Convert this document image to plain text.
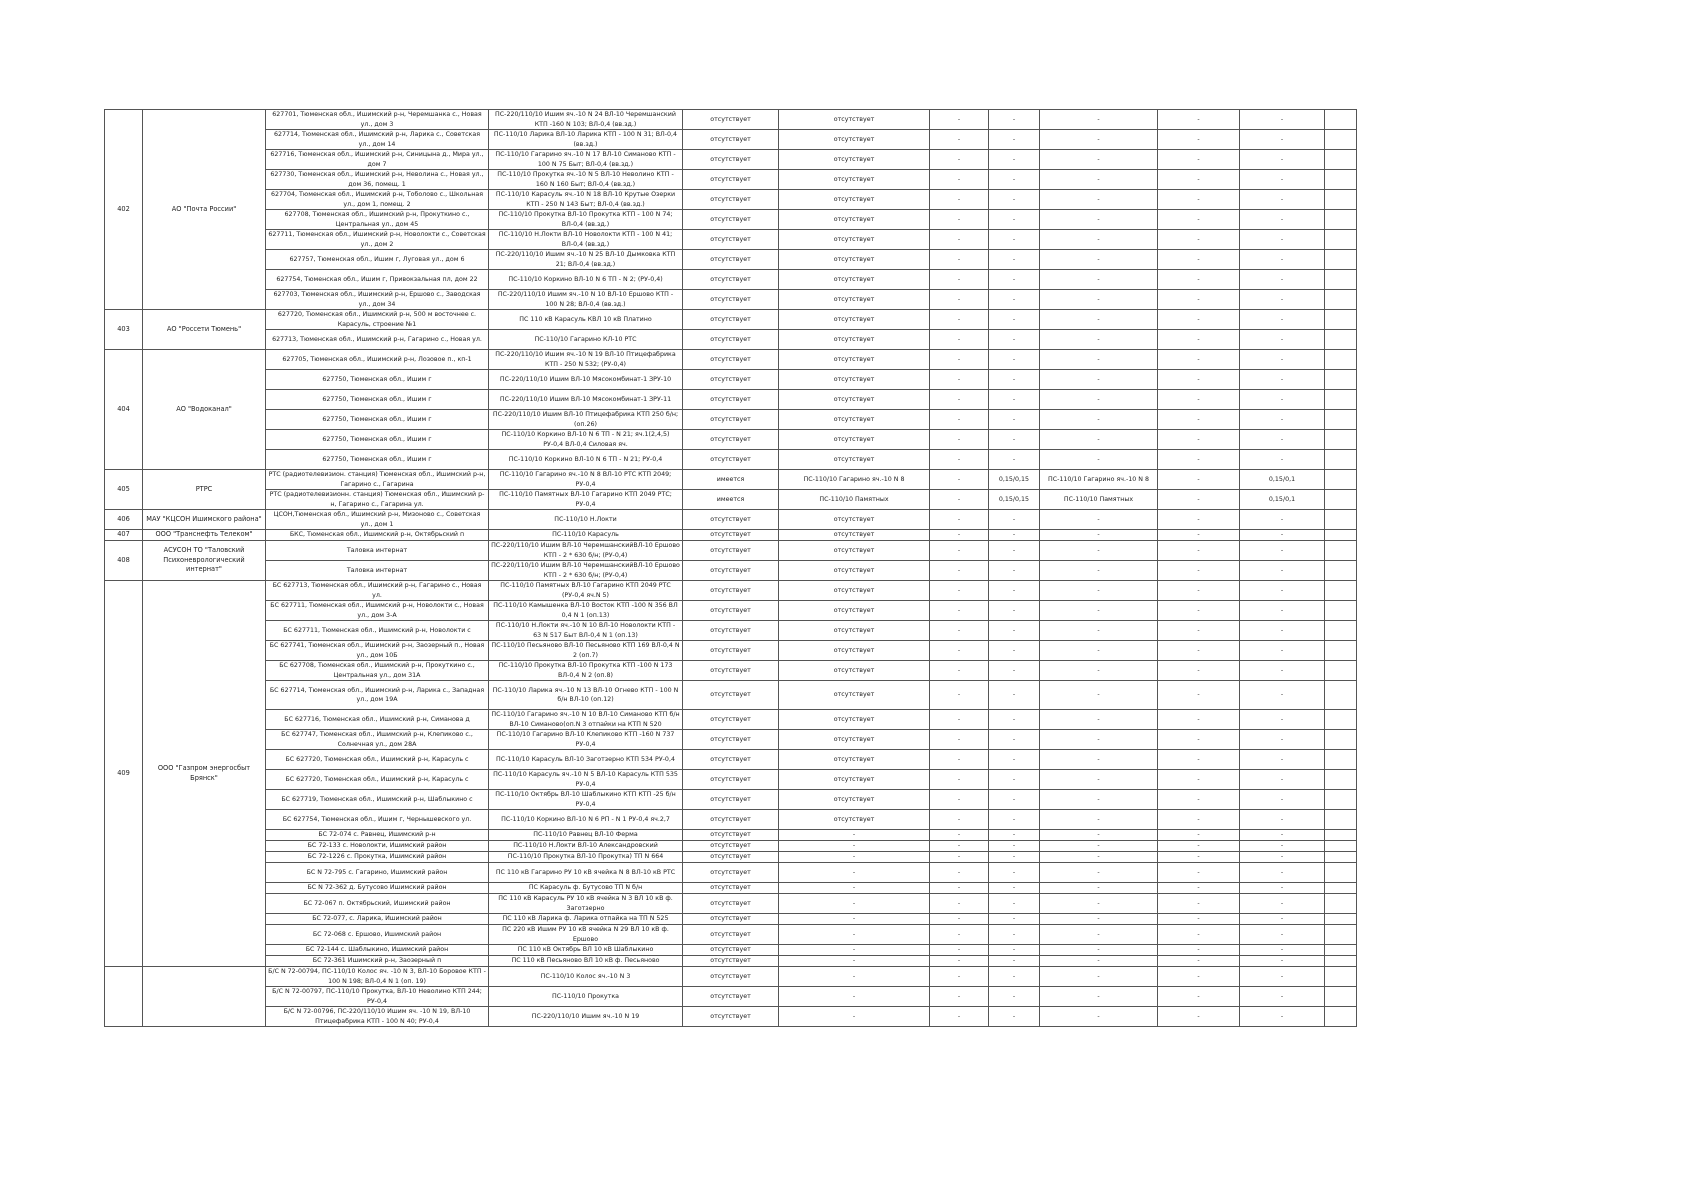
402	АО "Почта России"	627701, Тюменская обл., Ишимский р-н, Черемшанка с., Новая ул., дом 3	ПС-220/110/10 Ишим яч.-10 N 24 ВЛ-10 Черемшанский КТП -160 N 103; ВЛ-0,4 (вв.зд.)	отсутствует	отсутствует	-	-	-	-	-	
		627714, Тюменская обл., Ишимский р-н, Ларика с., Советская ул., дом 14	ПС-110/10 Ларика ВЛ-10 Ларика КТП - 100 N 31; ВЛ-0,4 (вв.зд.)	отсутствует	отсутствует	-	-	-	-	-	
		627716, Тюменская обл., Ишимский р-н, Синицына д., Мира ул., дом 7	ПС-110/10 Гагарино яч.-10 N 17 ВЛ-10 Симаново КТП - 100 N 75 Быт; ВЛ-0,4 (вв.зд.)	отсутствует	отсутствует	-	-	-	-	-	
		627730, Тюменская обл., Ишимский р-н, Неволина с., Новая ул., дом 36, помещ. 1	ПС-110/10 Прокутка яч.-10 N 5 ВЛ-10 Неволино КТП - 160 N 160 Быт; ВЛ-0,4 (вв.зд.)	отсутствует	отсутствует	-	-	-	-	-	
		627704, Тюменская обл., Ишимский р-н, Тоболово с., Школьная ул., дом 1, помещ. 2	ПС-110/10 Карасуль яч.-10 N 18 ВЛ-10 Крутые Озерки КТП - 250 N 143 Быт; ВЛ-0,4 (вв.зд.)	отсутствует	отсутствует	-	-	-	-	-	
		627708, Тюменская обл., Ишимский р-н, Прокуткино с., Центральная ул., дом 45	ПС-110/10 Прокутка ВЛ-10 Прокутка КТП - 100 N 74; ВЛ-0,4 (вв.зд.)	отсутствует	отсутствует	-	-	-	-	-	
		627711, Тюменская обл., Ишимский р-н, Новолокти с., Советская ул., дом 2	ПС-110/10 Н.Локти ВЛ-10 Новолокти КТП - 100 N 41; ВЛ-0,4 (вв.зд.)	отсутствует	отсутствует	-	-	-	-	-	
		627757, Тюменская обл., Ишим г, Луговая ул., дом 6	ПС-220/110/10 Ишим яч.-10 N 25 ВЛ-10 Дымковка КТП 21; ВЛ-0,4 (вв.зд.)	отсутствует	отсутствует	-	-	-	-	-	
		627754, Тюменская обл., Ишим г, Привокзальная пл, дом 22	ПС-110/10 Коркино ВЛ-10 N 6 ТП - N 2; (РУ-0,4)	отсутствует	отсутствует	-	-	-	-	-	
		627703, Тюменская обл., Ишимский р-н, Ершово с., Заводская ул., дом 34	ПС-220/110/10 Ишим яч.-10 N 10 ВЛ-10 Ершово КТП - 100 N 28; ВЛ-0,4 (вв.зд.)	отсутствует	отсутствует	-	-	-	-	-	
403	АО "Россети Тюмень"	627720, Тюменская обл., Ишимский р-н, 500 м восточнее с. Карасуль, строение №1	ПС 110 кВ Карасуль КВЛ 10 кВ Платино	отсутствует	отсутствует	-	-	-	-	-	
		627713, Тюменская обл., Ишимский р-н, Гагарино с., Новая ул.	ПС-110/10 Гагарино КЛ-10 РТС	отсутствует	отсутствует	-	-	-	-	-	
404	АО "Водоканал"	627705, Тюменская обл., Ишимский р-н, Лозовое п., кп-1	ПС-220/110/10 Ишим яч.-10 N 19 ВЛ-10 Птицефабрика КТП - 250 N 532; (РУ-0,4)	отсутствует	отсутствует	-	-	-	-	-	
		627750, Тюменская обл., Ишим г	ПС-220/110/10 Ишим ВЛ-10 Мясокомбинат-1 ЗРУ-10	отсутствует	отсутствует	-	-	-	-	-	
		627750, Тюменская обл., Ишим г	ПС-220/110/10 Ишим ВЛ-10 Мясокомбинат-1 ЗРУ-11	отсутствует	отсутствует	-	-	-	-	-	
		627750, Тюменская обл., Ишим г	ПС-220/110/10 Ишим ВЛ-10 Птицефабрика КТП 250 б/н; (оп.26)	отсутствует	отсутствует	-	-	-	-	-	
		627750, Тюменская обл., Ишим г	ПС-110/10 Коркино ВЛ-10 N 6 ТП - N 21; яч.1(2,4,5) РУ-0,4 ВЛ-0,4 Силовая яч.	отсутствует	отсутствует	-	-	-	-	-	
		627750, Тюменская обл., Ишим г	ПС-110/10 Коркино ВЛ-10 N 6 ТП - N 21; РУ-0,4	отсутствует	отсутствует	-	-	-	-	-	
405	РТРС	РТС (радиотелевизион. станция) Тюменская обл., Ишимский р-н, Гагарино с., Гагарина	ПС-110/10 Гагарино яч.-10 N 8 ВЛ-10 РТС КТП 2049; РУ-0,4	имеется	ПС-110/10 Гагарино яч.-10 N 8	-	0,15/0,15	ПС-110/10 Гагарино яч.-10 N 8	-	0,15/0,1	
		РТС (радиотелевизионн. станция) Тюменская обл., Ишимский р-н, Гагарино с., Гагарина ул.	ПС-110/10 Памятных ВЛ-10 Гагарино КТП 2049 РТС; РУ-0,4	имеется	ПС-110/10 Памятных	-	0,15/0,15	ПС-110/10 Памятных	-	0,15/0,1	
406	МАУ "КЦСОН Ишимского района"	ЦСОН,Тюменская обл., Ишимский р-н, Мизоново с., Советская ул., дом 1	ПС-110/10 Н.Локти	отсутствует	отсутствует	-	-	-	-	-	
407	ООО "Транснефть Телеком"	БКС, Тюменская обл., Ишимский р-н, Октябрьский п	ПС-110/10 Карасуль	отсутствует	отсутствует	-	-	-	-	-	
408	АСУСОН ТО "Таловский Психоневрологический интернат"	Таловка интернат	ПС-220/110/10 Ишим ВЛ-10 ЧеремшанскийВЛ-10 Ершово КТП - 2 * 630 б/н; (РУ-0,4)	отсутствует	отсутствует	-	-	-	-	-	
		Таловка интернат	ПС-220/110/10 Ишим ВЛ-10 ЧеремшанскийВЛ-10 Ершово КТП - 2 * 630 б/н; (РУ-0,4)	отсутствует	отсутствует	-	-	-	-	-	
409	ООО "Газпром энергосбыт Брянск"	БС 627713, Тюменская обл., Ишимский р-н, Гагарино с., Новая ул.	ПС-110/10 Памятных ВЛ-10 Гагарино КТП 2049 РТС (РУ-0,4 яч.N 5)	отсутствует	отсутствует	-	-	-	-	-	
		БС 627711, Тюменская обл., Ишимский р-н, Новолокти с., Новая ул., дом 3-А	ПС-110/10 Камышенка ВЛ-10 Восток КТП -100 N 356 ВЛ 0,4 N 1 (оп.13)	отсутствует	отсутствует	-	-	-	-	-	
		БС 627711, Тюменская обл., Ишимский р-н, Новолокти с	ПС-110/10 Н.Локти яч.-10 N 10 ВЛ-10 Новолокти КТП - 63 N 517 Быт ВЛ-0,4 N 1 (оп.13)	отсутствует	отсутствует	-	-	-	-	-	
		БС 627741, Тюменская обл., Ишимский р-н, Заозерный п., Новая ул., дом 10Б	ПС-110/10 Песьяново ВЛ-10 Песьяново КТП 169 ВЛ-0,4 N 2 (оп.7)	отсутствует	отсутствует	-	-	-	-	-	
		БС 627708, Тюменская обл., Ишимский р-н, Прокуткино с., Центральная ул., дом 31А	ПС-110/10 Прокутка ВЛ-10 Прокутка КТП -100 N 173 ВЛ-0,4 N 2 (оп.8)	отсутствует	отсутствует	-	-	-	-	-	
		БС 627714, Тюменская обл., Ишимский р-н, Ларика с., Западная ул., дом 19А	ПС-110/10 Ларика яч.-10 N 13 ВЛ-10 Огнево КТП - 100 N б/н ВЛ-10 (оп.12)	отсутствует	отсутствует	-	-	-	-	-	
		БС 627716, Тюменская обл., Ишимский р-н, Симанова д	ПС-110/10 Гагарино яч.-10 N 10 ВЛ-10 Симаново КТП б/н ВЛ-10 Симаново(оп.N 3 отпайки на КТП N 520	отсутствует	отсутствует	-	-	-	-	-	
		БС 627747, Тюменская обл., Ишимский р-н, Клепиково с., Солнечная ул., дом 28А	ПС-110/10 Гагарино ВЛ-10 Клепиково КТП -160 N 737 РУ-0,4	отсутствует	отсутствует	-	-	-	-	-	
		БС 627720, Тюменская обл., Ишимский р-н, Карасуль с	ПС-110/10 Карасуль ВЛ-10 Заготзерно КТП 534 РУ-0,4	отсутствует	отсутствует	-	-	-	-	-	
		БС 627720, Тюменская обл., Ишимский р-н, Карасуль с	ПС-110/10 Карасуль яч.-10 N 5 ВЛ-10 Карасуль КТП 535 РУ-0,4	отсутствует	отсутствует	-	-	-	-	-	
		БС 627719, Тюменская обл., Ишимский р-н, Шаблыкино с	ПС-110/10 Октябрь ВЛ-10 Шаблыкино КТП КТП -25 б/н РУ-0,4	отсутствует	отсутствует	-	-	-	-	-	
		БС 627754, Тюменская обл., Ишим г, Чернышевского ул.	ПС-110/10 Коркино ВЛ-10 N 6 РП - N 1 РУ-0,4 яч.2,7	отсутствует	отсутствует	-	-	-	-	-	
		БС 72-074 с. Равнец, Ишимский р-н	ПС-110/10 Равнец ВЛ-10 Ферма	отсутствует	-	-	-	-	-	-	
		БС 72-133 с. Новолокти, Ишимский район	ПС-110/10 Н.Локти ВЛ-10 Александровский	отсутствует	-	-	-	-	-	-	
		БС 72-1226 с. Прокутка, Ишимский район	ПС-110/10 Прокутка ВЛ-10 Прокутка) ТП N 664	отсутствует	-	-	-	-	-	-	
		БС N 72-795 с. Гагарино, Ишимский район	ПС 110 кВ Гагарино РУ 10 кВ ячейка N 8 ВЛ-10 кВ РТС	отсутствует	-	-	-	-	-	-	
		БС N 72-362 д. Бутусово Ишимский район	ПС Карасуль ф. Бутусово ТП N б/н	отсутствует	-	-	-	-	-	-	
		БС 72-067 п. Октябрьский, Ишимский район	ПС 110 кВ Карасуль РУ 10 кВ ячейка N 3 ВЛ 10 кВ ф. Заготзерно	отсутствует	-	-	-	-	-	-	
		БС 72-077, с. Ларика, Ишимский район	ПС 110 кВ Ларика ф. Ларика отпайка на ТП N 525	отсутствует	-	-	-	-	-	-	
		БС 72-068 с. Ершово, Ишимский район	ПС 220 кВ Ишим РУ 10 кВ ячейка N 29 ВЛ 10 кВ ф. Ершово	отсутствует	-	-	-	-	-	-	
		БС 72-144 с. Шаблыкино, Ишимский район	ПС 110 кВ Октябрь ВЛ 10 кВ Шаблыкино	отсутствует	-	-	-	-	-	-	
		БС 72-361 Ишимский р-н, Заозерный п	ПС 110 кВ Песьяново ВЛ 10 кВ ф. Песьяново	отсутствует	-	-	-	-	-	-	
		Б/С N 72-00794, ПС-110/10 Колос яч. -10 N 3, ВЛ-10 Боровое КТП - 100 N 198; ВЛ-0,4 N 1 (оп. 19)	ПС-110/10 Колос яч.-10 N 3	отсутствует	-	-	-	-	-	-	
		Б/С N 72-00797, ПС-110/10 Прокутка, ВЛ-10 Неволино КТП 244; РУ-0,4	ПС-110/10 Прокутка	отсутствует	-	-	-	-	-	-	
		Б/С N 72-00796, ПС-220/110/10 Ишим яч. -10 N 19, ВЛ-10 Птицефабрика КТП - 100 N 40; РУ-0,4	ПС-220/110/10 Ишим яч.-10 N 19	отсутствует	-	-	-	-	-	-	
